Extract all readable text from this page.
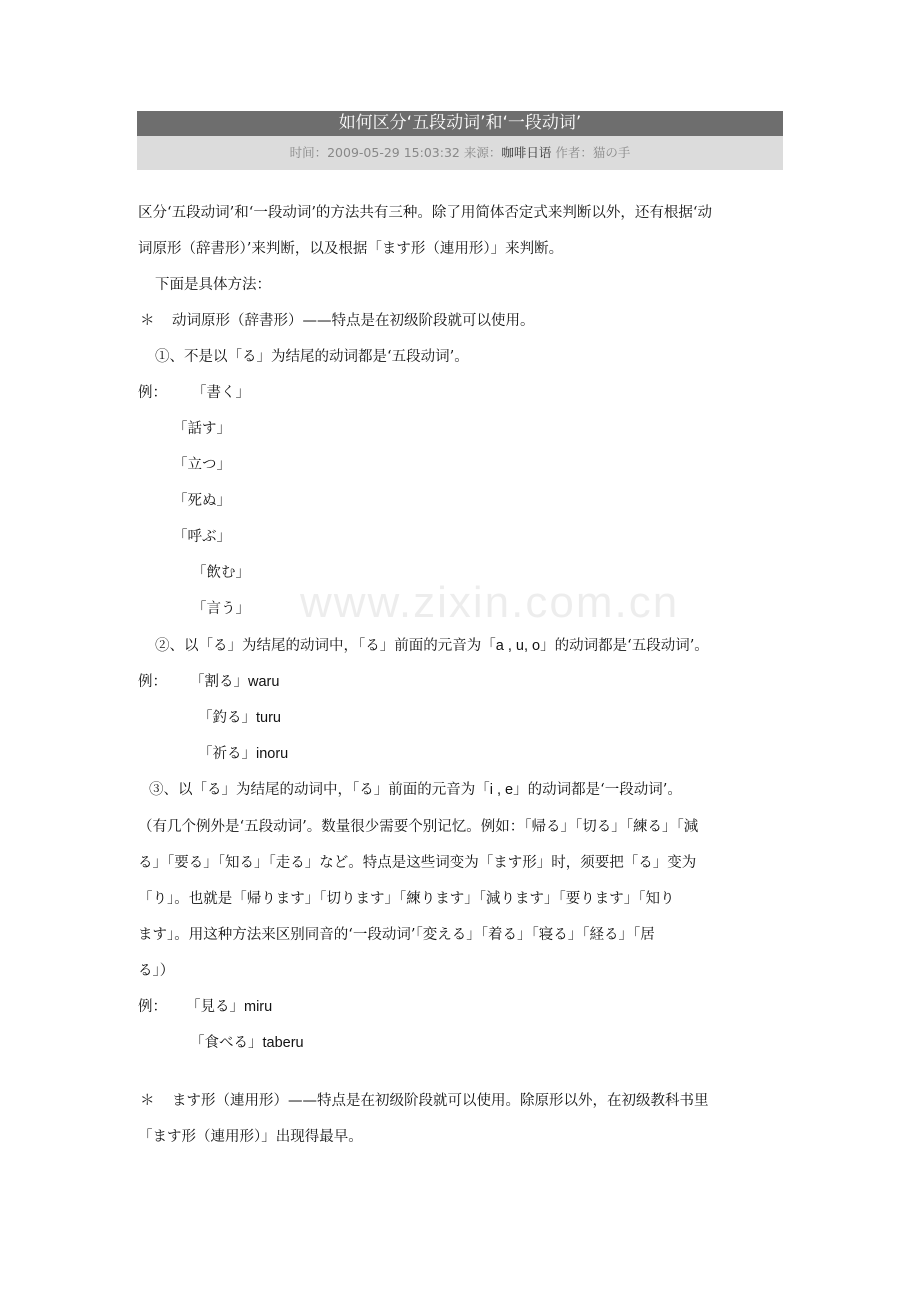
如何区分‘五段动词’和‘一段动词’
时间：2009-05-29 15:03:32 来源：咖啡日语 作者：猫の手
www.zixin.com.cn
区分‘五段动词’和‘一段动词’的方法共有三种。除了用简体否定式来判断以外，还有根据‘动
词原形（辞書形）’来判断，以及根据「ます形（連用形）」来判断。
下面是具体方法：
＊ 动词原形（辞書形）——特点是在初级阶段就可以使用。
①、不是以「る」为结尾的动词都是‘五段动词’。
例： 「書く」
「話す」
「立つ」
「死ぬ」
「呼ぶ」
「飲む」
「言う」
②、以「る」为结尾的动词中，「る」前面的元音为「a , u, o」的动词都是‘五段动词’。
例： 「割る」waru
「釣る」turu
「祈る」inoru
③、以「る」为结尾的动词中，「る」前面的元音为「i , e」的动词都是‘一段动词’。
（有几个例外是‘五段动词’。数量很少需要个别记忆。例如：「帰る」「切る」「練る」「減
る」「要る」「知る」「走る」など。特点是这些词变为「ます形」时，须要把「る」变为
「り」。也就是「帰ります」「切ります」「練ります」「減ります」「要ります」「知り
ます」。用这种方法来区别同音的‘一段动词’「変える」「着る」「寝る」「経る」「居
る」）
例： 「見る」miru
「食べる」taberu
＊ ます形（連用形）——特点是在初级阶段就可以使用。除原形以外，在初级教科书里
「ます形（連用形）」出现得最早。
